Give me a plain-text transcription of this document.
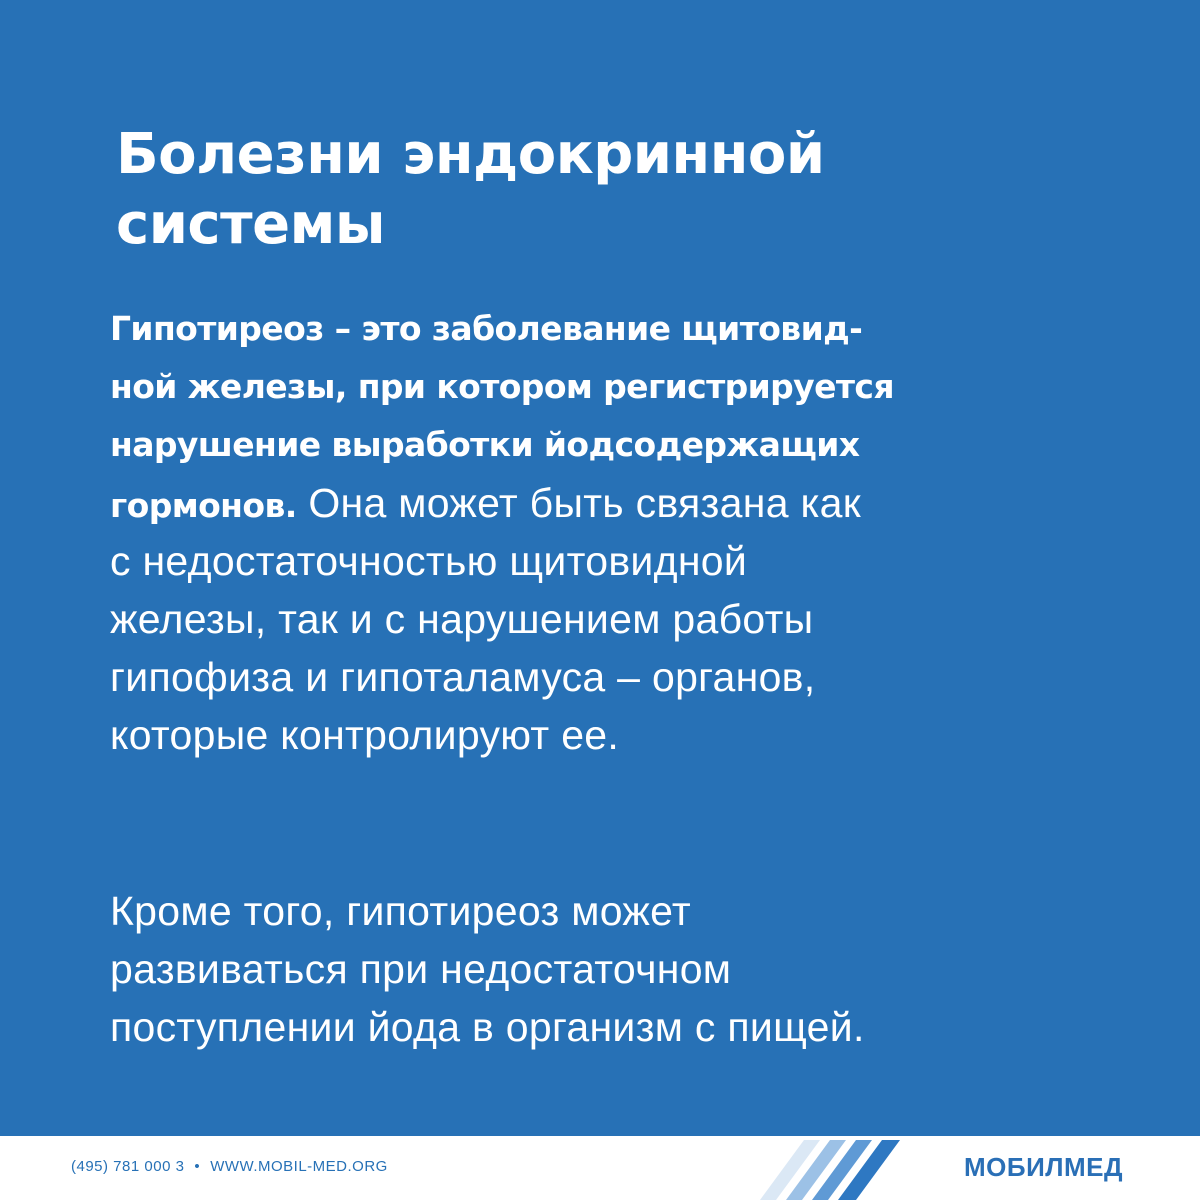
Болезни эндокринной
системы
Гипотиреоз – это заболевание щитовид-
ной железы, при котором регистрируется
нарушение выработки йодсодержащих
гормонов. Она может быть связана как
с недостаточностью щитовидной
железы, так и с нарушением работы
гипофиза и гипоталамуса – органов,
которые контролируют ее.
Кроме того, гипотиреоз может
развиваться при недостаточном
поступлении йода в организм с пищей.
(495) 781 000 3 • WWW.MOBIL-MED.ORG	МОБИЛМЕД
